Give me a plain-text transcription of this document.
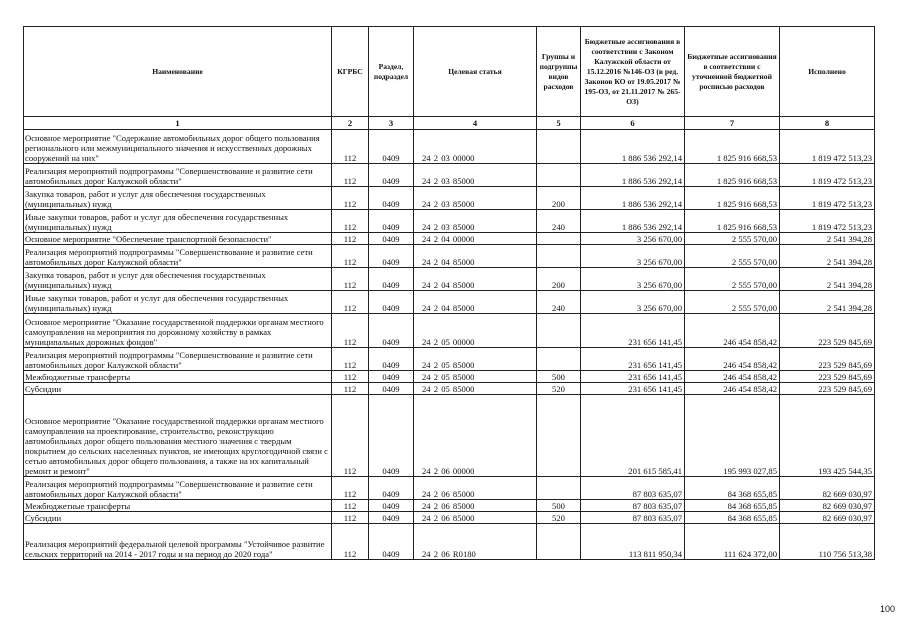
Наименование	КГРБС	Раздел, подраздел	Целевая статья	Группы и подгруппы видов расходов	Бюджетные ассигнования в соответствии с Законом Калужской области от 15.12.2016 №146-ОЗ (в ред. Законов КО от 19.05.2017 № 195-ОЗ, от 21.11.2017 № 265-ОЗ)	Бюджетные ассигнования в соответствии с уточненной бюджетной росписью расходов	Исполнено
1	2	3	4	5	6	7	8
Основное мероприятие "Содержание автомобильных дорог общего пользования регионального или межмуниципального значения и искусственных дорожных сооружений на них"	112	0409	24 2 03 00000		1 886 536 292,14	1 825 916 668,53	1 819 472 513,23
Реализация мероприятий подпрограммы "Совершенствование и развитие сети автомобильных дорог Калужской области"	112	0409	24 2 03 85000		1 886 536 292,14	1 825 916 668,53	1 819 472 513,23
Закупка товаров, работ и услуг для обеспечения государственных (муниципальных) нужд	112	0409	24 2 03 85000	200	1 886 536 292,14	1 825 916 668,53	1 819 472 513,23
Иные закупки товаров, работ и услуг для обеспечения государственных (муниципальных) нужд	112	0409	24 2 03 85000	240	1 886 536 292,14	1 825 916 668,53	1 819 472 513,23
Основное мероприятие "Обеспечение транспортной безопасности"	112	0409	24 2 04 00000		3 256 670,00	2 555 570,00	2 541 394,28
Реализация мероприятий подпрограммы "Совершенствование и развитие сети автомобильных дорог Калужской области"	112	0409	24 2 04 85000		3 256 670,00	2 555 570,00	2 541 394,28
Закупка товаров, работ и услуг для обеспечения государственных (муниципальных) нужд	112	0409	24 2 04 85000	200	3 256 670,00	2 555 570,00	2 541 394,28
Иные закупки товаров, работ и услуг для обеспечения государственных (муниципальных) нужд	112	0409	24 2 04 85000	240	3 256 670,00	2 555 570,00	2 541 394,28
Основное мероприятие "Оказание государственной поддержки органам местного самоуправления на мероприятия по дорожному хозяйству в рамках муниципальных дорожных фондов"	112	0409	24 2 05 00000		231 656 141,45	246 454 858,42	223 529 845,69
Реализация мероприятий подпрограммы "Совершенствование и развитие сети автомобильных дорог Калужской области"	112	0409	24 2 05 85000		231 656 141,45	246 454 858,42	223 529 845,69
Межбюджетные трансферты	112	0409	24 2 05 85000	500	231 656 141,45	246 454 858,42	223 529 845,69
Субсидии	112	0409	24 2 05 85000	520	231 656 141,45	246 454 858,42	223 529 845,69
Основное мероприятие "Оказание государственной поддержки органам местного самоуправления на проектирование, строительство, реконструкцию автомобильных дорог общего пользования местного значения с твердым покрытием до сельских населенных пунктов, не имеющих круглогодичной связи с сетью автомобильных дорог общего пользования, а также на их капитальный ремонт и ремонт"	112	0409	24 2 06 00000		201 615 585,41	195 993 027,85	193 425 544,35
Реализация мероприятий подпрограммы "Совершенствование и развитие сети автомобильных дорог Калужской области"	112	0409	24 2 06 85000		87 803 635,07	84 368 655,85	82 669 030,97
Межбюджетные трансферты	112	0409	24 2 06 85000	500	87 803 635,07	84 368 655,85	82 669 030,97
Субсидии	112	0409	24 2 06 85000	520	87 803 635,07	84 368 655,85	82 669 030,97
Реализация мероприятий федеральной целевой программы "Устойчивое развитие сельских территорий на 2014 - 2017 годы и на период до 2020 года"	112	0409	24 2 06 R0180		113 811 950,34	111 624 372,00	110 756 513,38
100
